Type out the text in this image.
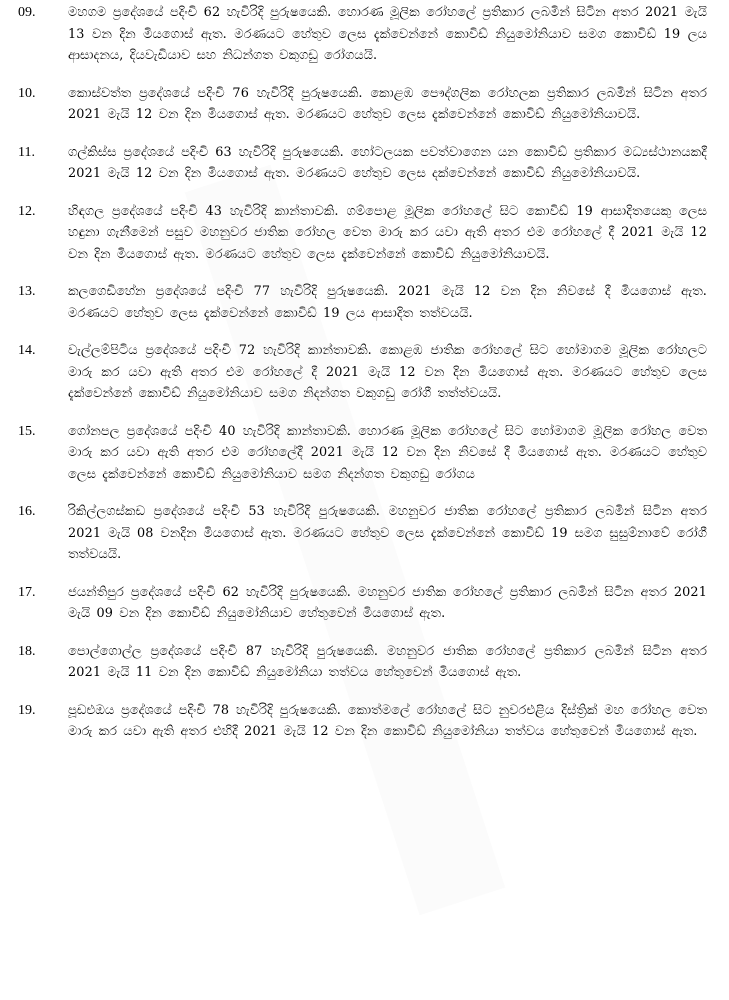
09.	මහගම ප්‍රදේශයේ පදිංචි 62 හැවිරිදි පුරුෂයෙකි. හොරණ මූලික රෝහලේ ප්‍රතිකාර ලබමින් සිටින අතර 2021 මැයි 13 වන දින මියගොස් ඇත. මරණයට හේතුව ලෙස දැක්වෙන්නේ කොවිඩ් නියුමෝනියාව සමග කොවිඩ් 19 ලය ආසාදනය, දියවැඩියාව සහ නිධන්ගත වකුගඩු රෝගයයි.

10.	කොස්වත්ත ප්‍රදේශයේ පදිංචි 76 හැවිරිදි පුරුෂයෙකි. කොළඹ පෞද්ගලික රෝහලක ප්‍රතිකාර ලබමින් සිටින අතර 2021 මැයි 12 වන දින මියගොස් ඇත. මරණයට හේතුව ලෙස දැක්වෙන්නේ කොවිඩ් නියුමෝනියාවයි.

11.	ගල්කිස්ස ප්‍රදේශයේ පදිංචි 63 හැවිරිදි පුරුෂයෙකි. හෝටලයක පවත්වාගෙන යන කොවිඩ් ප්‍රතිකාර මධ්‍යස්ථානයකදී 2021 මැයි 12 වන දින මියගොස් ඇත. මරණයට හේතුව ලෙස දක්වෙන්නේ කොවිඩ් නියුමෝනියාවයි.

12.	හිඳගල ප්‍රදේශයේ පදිංචි 43 හැවිරිදි කාන්තාවකි. ගම්පොළ මූලික රෝහලේ සිට කොවිඩ් 19 ආසාදිතයෙකු ලෙස හඳුනා ගැනීමෙන් පසුව මහනුවර ජාතික රෝහල වෙත මාරු කර යවා ඇති අතර එම රෝහලේ දී 2021 මැයි 12 වන දින මියගොස් ඇත. මරණයට හේතුව ලෙස දැක්වෙන්නේ කොවිඩ් නියුමෝනියාවයි.

13.	කලගෙඩිහේන ප්‍රදේශයේ පදිංචි 77 හැවිරිදි පුරුෂයෙකි. 2021 මැයි 12 වන දින නිවසේ දී මියගොස් ඇත. මරණයට හේතුව ලෙස දැක්වෙන්නේ කොවිඩ් 19 ලය ආසාදිත තත්වයයි.

14.	වැල්ලම්පිටිය ප්‍රදේශයේ පදිංචි 72 හැවිරිදි කාන්තාවකි. කොළඹ ජාතික රෝහලේ සිට හෝමාගම මූලික රෝහලට මාරු කර යවා ඇති අතර එම රෝහලේ දී 2021 මැයි 12 වන දින මියගොස් ඇත. මරණයට හේතුව ලෙස දැක්වෙන්නේ කොවිඩ් නියුමෝනියාව සමග නිදන්ගත වකුගඩු රෝගී තත්ත්වයයි.

15.	ගෝනපල ප්‍රදේශයේ පදිංචි 40 හැවිරිදි කාන්තාවකි. හොරණ මූලික රෝහලේ සිට හෝමාගම මූලික රෝහල වෙත මාරු කර යවා ඇති අතර එම රෝහලේදී 2021 මැයි 12 වන දින නිවසේ දී මියගොස් ඇත. මරණයට හේතුව ලෙස දැක්වෙන්නේ කොවිඩ් නියුමෝනියාව සමග නිදන්ගත වකුගඩු රෝගය

16.	රිකිල්ලගස්කඩ ප්‍රදේශයේ පදිංචි 53 හැවිරිදි පුරුෂයෙකි. මහනුවර ජාතික රෝහලේ ප්‍රතිකාර ලබමින් සිටින අතර 2021 මැයි 08 වනදින මියගොස් ඇත. මරණයට හේතුව ලෙස දැක්වෙන්නේ කොවිඩ් 19 සමග සුසුම්නාවේ රෝගී තත්වයයි.

17.	ජයන්තිපුර ප්‍රදේශයේ පදිංචි 62 හැවිරිදි පුරුෂයෙකි. මහනුවර ජාතික රෝහලේ ප්‍රතිකාර ලබමින් සිටින අතර 2021 මැයි 09 වන දින කොවිඩ් නියුමෝනියාව හේතුවෙන් මියගොස් ඇත.

18.	පොල්ගොල්ල ප්‍රදේශයේ පදිංචි 87 හැවිරිදි පුරුෂයෙකි. මහනුවර ජාතික රෝහලේ ප්‍රතිකාර ලබමින් සිටින අතර 2021 මැයි 11 වන දින කොවිඩ් නියුමෝනියා තත්වය හේතුවෙන් මියගොස් ඇත.

19.	පූඩළුඔය ප්‍රදේශයේ පදිංචි 78 හැවිරිදි පුරුෂයෙකි. කොත්මලේ රෝහලේ සිට නුවරඑළිය දිස්ත්‍රික් මහ රෝහල වෙත මාරු කර යවා ඇති අතර එහිදී 2021 මැයි 12 වන දින කොවිඩ් නියුමෝනියා තත්වය හේතුවෙන් මියගොස් ඇත.
